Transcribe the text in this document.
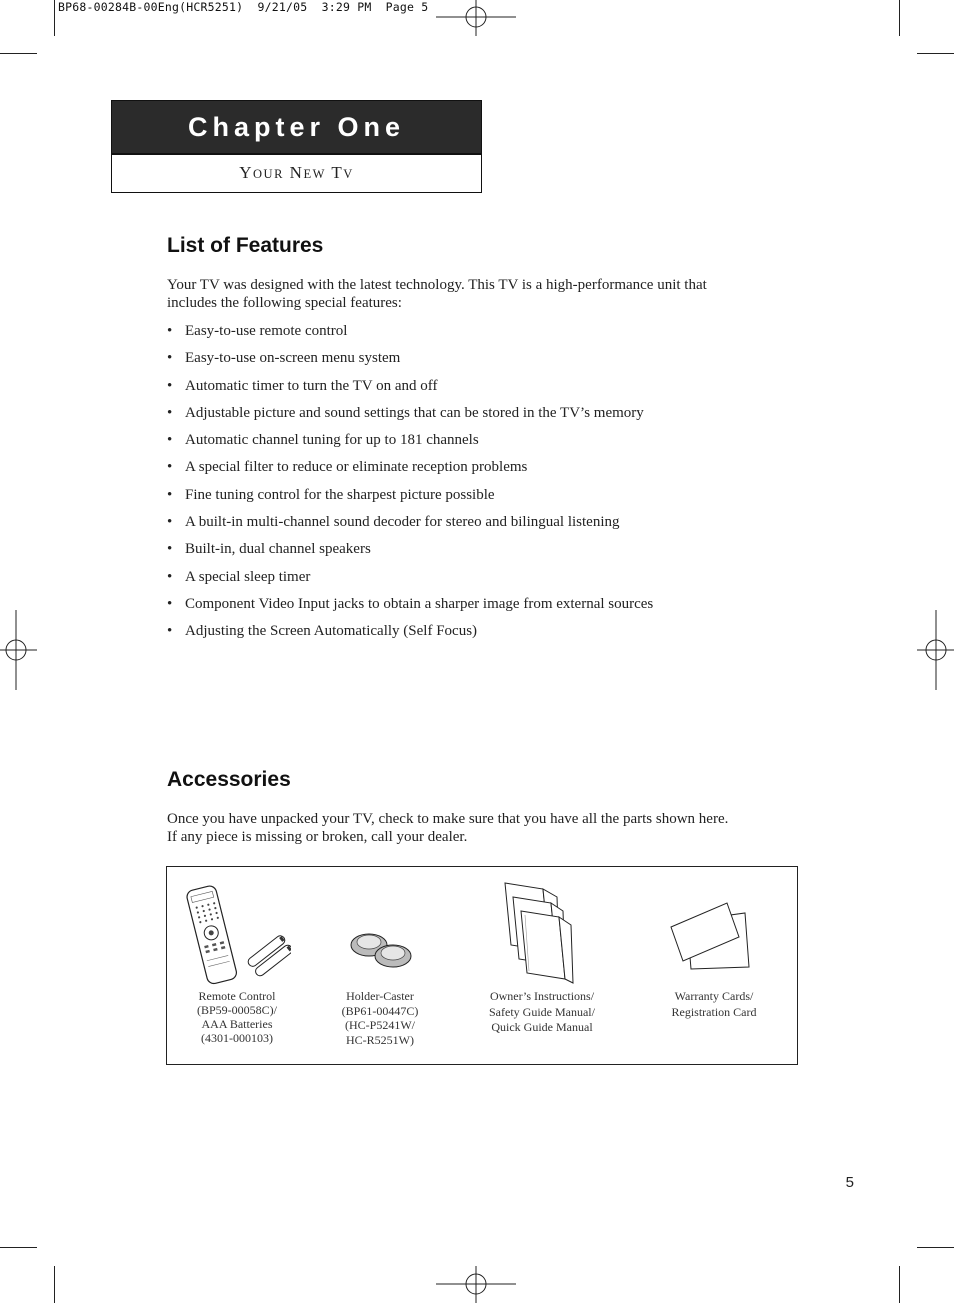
BP68-00284B-00Eng(HCR5251)  9/21/05  3:29 PM  Page 5
Chapter One
YOUR NEW TV
List of Features
Your TV was designed with the latest technology. This TV is a high-performance unit that
includes the following special features:
• Easy-to-use remote control
• Easy-to-use on-screen menu system
• Automatic timer to turn the TV on and off
• Adjustable picture and sound settings that can be stored in the TV’s memory
• Automatic channel tuning for up to 181 channels
• A special filter to reduce or eliminate reception problems
• Fine tuning control for the sharpest picture possible
• A built-in multi-channel sound decoder for stereo and bilingual listening
• Built-in, dual channel speakers
• A special sleep timer
• Component Video Input jacks to obtain a sharper image from external sources
• Adjusting the Screen Automatically (Self Focus)
Accessories
Once you have unpacked your TV, check to make sure that you have all the parts shown here.
If any piece is missing or broken, call your dealer.
Remote Control
(BP59-00058C)/
AAA Batteries
(4301-000103)
Holder-Caster
(BP61-00447C)
(HC-P5241W/
HC-R5251W)
Owner’s Instructions/
Safety Guide Manual/
Quick Guide Manual
Warranty Cards/
Registration Card
5
